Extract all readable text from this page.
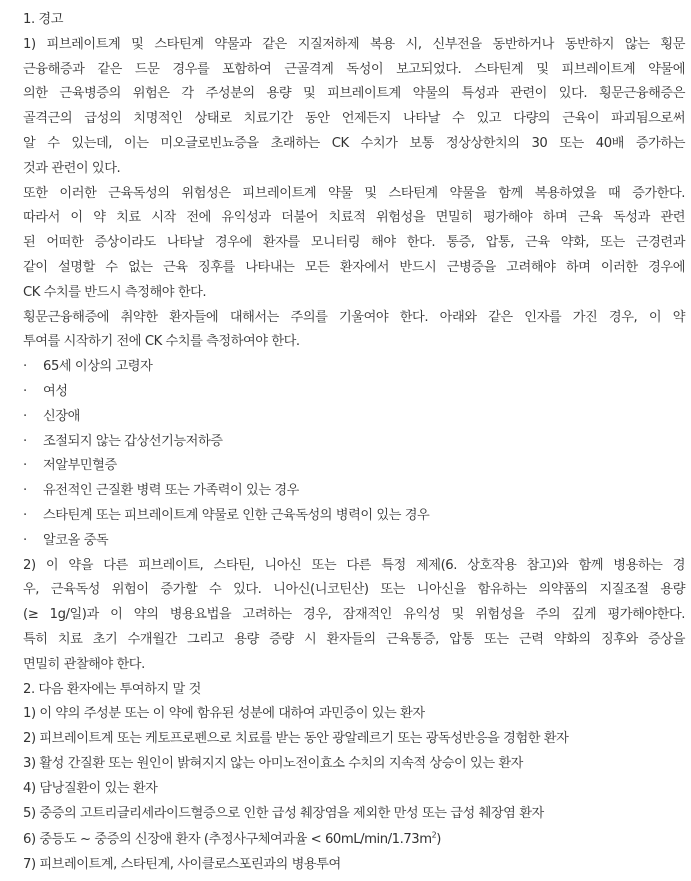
1. 경고
1) 피브레이트계 및 스타틴계 약물과 같은 지질저하제 복용 시, 신부전을 동반하거나 동반하지 않는 횡문
근융해증과 같은 드문 경우를 포함하여 근골격계 독성이 보고되었다. 스타틴계 및 피브레이트계 약물에
의한 근육병증의 위험은 각 주성분의 용량 및 피브레이트계 약물의 특성과 관련이 있다. 횡문근융해증은
골격근의 급성의 치명적인 상태로 치료기간 동안 언제든지 나타날 수 있고 다량의 근육이 파괴됨으로써
알 수 있는데, 이는 미오글로빈뇨증을 초래하는 CK 수치가 보통 정상상한치의 30 또는 40배 증가하는
것과 관련이 있다.
또한 이러한 근육독성의 위험성은 피브레이트계 약물 및 스타틴계 약물을 함께 복용하였을 때 증가한다.
따라서 이 약 치료 시작 전에 유익성과 더불어 치료적 위험성을 면밀히 평가해야 하며 근육 독성과 관련
된 어떠한 증상이라도 나타날 경우에 환자를 모니터링 해야 한다. 통증, 압통, 근육 약화, 또는 근경련과
같이 설명할 수 없는 근육 징후를 나타내는 모든 환자에서 반드시 근병증을 고려해야 하며 이러한 경우에
CK 수치를 반드시 측정해야 한다.
횡문근융해증에 취약한 환자들에 대해서는 주의를 기울여야 한다. 아래와 같은 인자를 가진 경우, 이 약
투여를 시작하기 전에 CK 수치를 측정하여야 한다.
· 65세 이상의 고령자
· 여성
· 신장애
· 조절되지 않는 갑상선기능저하증
· 저알부민혈증
· 유전적인 근질환 병력 또는 가족력이 있는 경우
· 스타틴계 또는 피브레이트계 약물로 인한 근육독성의 병력이 있는 경우
· 알코올 중독
2) 이 약을 다른 피브레이트, 스타틴, 니아신 또는 다른 특정 제제(6. 상호작용 참고)와 함께 병용하는 경
우, 근육독성 위험이 증가할 수 있다. 니아신(니코틴산) 또는 니아신을 함유하는 의약품의 지질조절 용량
(≥ 1g/일)과 이 약의 병용요법을 고려하는 경우, 잠재적인 유익성 및 위험성을 주의 깊게 평가해야한다.
특히 치료 초기 수개월간 그리고 용량 증량 시 환자들의 근육통증, 압통 또는 근력 약화의 징후와 증상을
면밀히 관찰해야 한다.
2. 다음 환자에는 투여하지 말 것
1) 이 약의 주성분 또는 이 약에 함유된 성분에 대하여 과민증이 있는 환자
2) 피브레이트계 또는 케토프로펜으로 치료를 받는 동안 광알레르기 또는 광독성반응을 경험한 환자
3) 활성 간질환 또는 원인이 밝혀지지 않는 아미노전이효소 수치의 지속적 상승이 있는 환자
4) 담낭질환이 있는 환자
5) 중증의 고트리글리세라이드혈증으로 인한 급성 췌장염을 제외한 만성 또는 급성 췌장염 환자
6) 중등도 ~ 중증의 신장애 환자 (추정사구체여과율 < $60mL/\min/1.73m^2$)
7) 피브레이트계, 스타틴계, 사이클로스포린과의 병용투여
